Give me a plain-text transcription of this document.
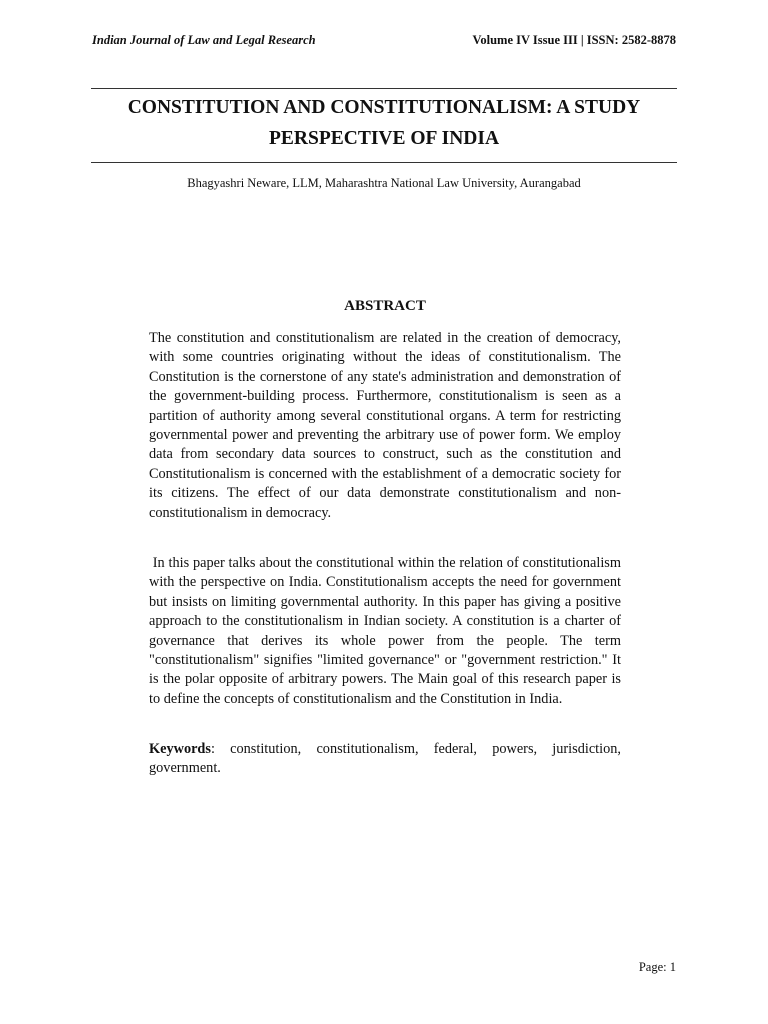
Indian Journal of Law and Legal Research	Volume IV Issue III | ISSN: 2582-8878
CONSTITUTION AND CONSTITUTIONALISM: A STUDY PERSPECTIVE OF INDIA
Bhagyashri Neware, LLM, Maharashtra National Law University, Aurangabad
ABSTRACT

The constitution and constitutionalism are related in the creation of democracy, with some countries originating without the ideas of constitutionalism. The Constitution is the cornerstone of any state's administration and demonstration of the government-building process. Furthermore, constitutionalism is seen as a partition of authority among several constitutional organs. A term for restricting governmental power and preventing the arbitrary use of power form. We employ data from secondary data sources to construct, such as the constitution and Constitutionalism is concerned with the establishment of a democratic society for its citizens. The effect of our data demonstrate constitutionalism and non-constitutionalism in democracy.

In this paper talks about the constitutional within the relation of constitutionalism with the perspective on India. Constitutionalism accepts the need for government but insists on limiting governmental authority. In this paper has giving a positive approach to the constitutionalism in Indian society. A constitution is a charter of governance that derives its whole power from the people. The term "constitutionalism" signifies "limited governance" or "government restriction." It is the polar opposite of arbitrary powers. The Main goal of this research paper is to define the concepts of constitutionalism and the Constitution in India.

Keywords: constitution, constitutionalism, federal, powers, jurisdiction, government.

Page: 1
